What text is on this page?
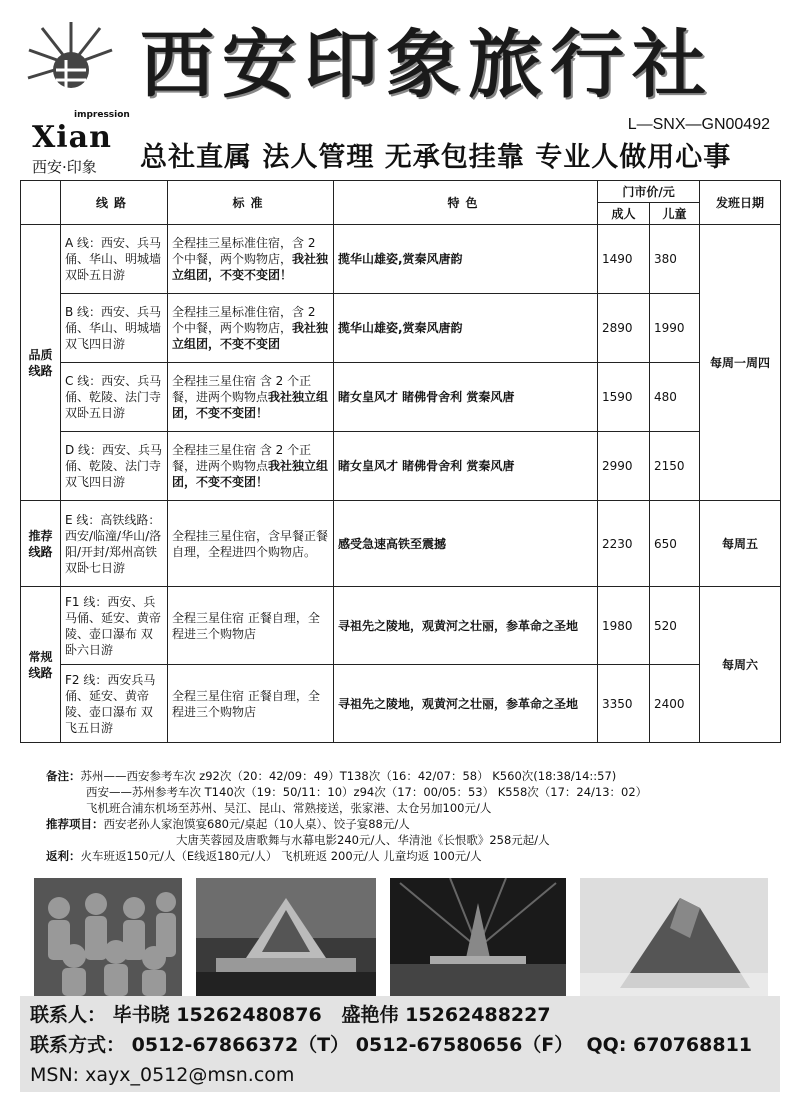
impression
Xian
西安·印象
西安印象旅行社
L—SNX—GN00492
总社直属 法人管理 无承包挂靠 专业人做用心事
	线路	标准	特色	门市价/元		发班日期
				成人	儿童	
品质线路	A 线：西安、兵马俑、华山、明城墙双卧五日游	全程挂三星标准住宿，含 2 个中餐，两个购物店，我社独立组团，不变不变团！	揽华山雄姿,赏秦风唐韵	1490	380	每周一周四
	B 线：西安、兵马俑、华山、明城墙双飞四日游	全程挂三星标准住宿，含 2 个中餐，两个购物店，我社独立组团，不变不变团	揽华山雄姿,赏秦风唐韵	2890	1990	
	C 线：西安、兵马俑、乾陵、法门寺双卧五日游	全程挂三星住宿 含 2 个正餐，进两个购物点我社独立组团，不变不变团！	睹女皇风才 睹佛骨舍利 赏秦风唐	1590	480	
	D 线：西安、兵马俑、乾陵、法门寺双飞四日游	全程挂三星住宿 含 2 个正餐，进两个购物点我社独立组团，不变不变团！	睹女皇风才 睹佛骨舍利 赏秦风唐	2990	2150	
推荐线路	E 线：高铁线路：西安/临潼/华山/洛阳/开封/郑州高铁双卧七日游	全程挂三星住宿，含早餐正餐自理，全程进四个购物店。	感受急速高铁至震撼	2230	650	每周五
常规线路	F1 线：西安、兵马俑、延安、黄帝陵、壶口瀑布 双卧六日游	全程三星住宿 正餐自理，全程进三个购物店	寻祖先之陵地，观黄河之壮丽，参革命之圣地	1980	520	每周六
	F2 线：西安兵马俑、延安、黄帝陵、壶口瀑布 双飞五日游	全程三星住宿 正餐自理，全程进三个购物店	寻祖先之陵地，观黄河之壮丽，参革命之圣地	3350	2400	
备注：苏州——西安参考车次 z92次（20：42/09：49）T138次（16：42/07：58） K560次(18:38/14::57)
西安——苏州参考车次 T140次（19：50/11：10）z94次（17：00/05：53） K558次（17：24/13：02）
飞机班合浦东机场至苏州、吴江、昆山、常熟接送，张家港、太仓另加100元/人
推荐项目：西安老孙人家泡馍宴680元/桌起（10人桌）、饺子宴88元/人
大唐芙蓉园及唐歌舞与水幕电影240元/人、华清池《长恨歌》258元起/人
返利：火车班返150元/人（E线返180元/人） 飞机班返 200元/人 儿童均返 100元/人
联系人： 毕书晓 15262480876 盛艳伟 15262488227
联系方式： 0512-67866372（T） 0512-67580656（F） QQ: 670768811
MSN: xayx_0512@msn.com
